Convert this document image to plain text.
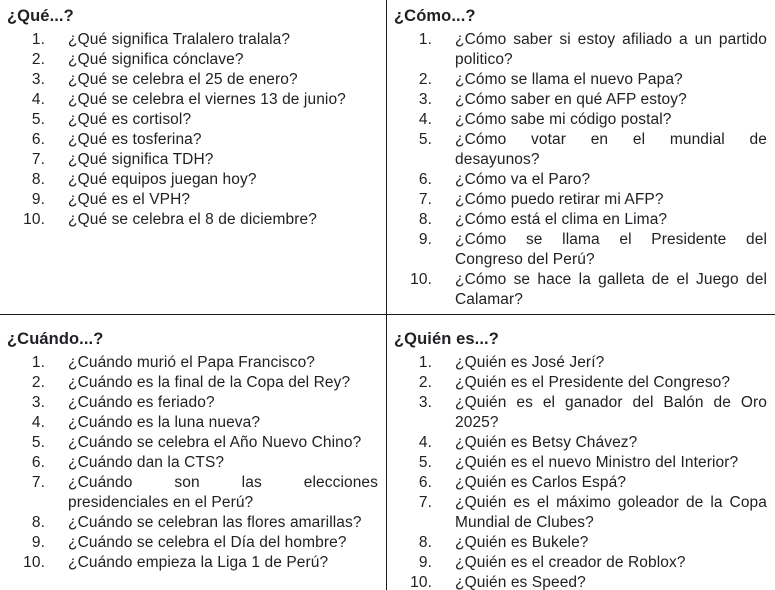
¿Qué...?
1. ¿Qué significa Tralalero tralala?
2. ¿Qué significa cónclave?
3. ¿Qué se celebra el 25 de enero?
4. ¿Qué se celebra el viernes 13 de junio?
5. ¿Qué es cortisol?
6. ¿Qué es tosferina?
7. ¿Qué significa TDH?
8. ¿Qué equipos juegan hoy?
9. ¿Qué es el VPH?
10. ¿Qué se celebra el 8 de diciembre?
¿Cómo...?
1. ¿Cómo saber si estoy afiliado a un partido
politico?
2. ¿Cómo se llama el nuevo Papa?
3. ¿Cómo saber en qué AFP estoy?
4. ¿Cómo sabe mi código postal?
5. ¿Cómo votar en el mundial de
desayunos?
6. ¿Cómo va el Paro?
7. ¿Cómo puedo retirar mi AFP?
8. ¿Cómo está el clima en Lima?
9. ¿Cómo se llama el Presidente del
Congreso del Perú?
10. ¿Cómo se hace la galleta de el Juego del
Calamar?
¿Cuándo...?
1. ¿Cuándo murió el Papa Francisco?
2. ¿Cuándo es la final de la Copa del Rey?
3. ¿Cuándo es feriado?
4. ¿Cuándo es la luna nueva?
5. ¿Cuándo se celebra el Año Nuevo Chino?
6. ¿Cuándo dan la CTS?
7. ¿Cuándo son las elecciones
presidenciales en el Perú?
8. ¿Cuándo se celebran las flores amarillas?
9. ¿Cuándo se celebra el Día del hombre?
10. ¿Cuándo empieza la Liga 1 de Perú?
¿Quién es...?
1. ¿Quién es José Jerí?
2. ¿Quién es el Presidente del Congreso?
3. ¿Quién es el ganador del Balón de Oro
2025?
4. ¿Quién es Betsy Chávez?
5. ¿Quién es el nuevo Ministro del Interior?
6. ¿Quién es Carlos Espá?
7. ¿Quién es el máximo goleador de la Copa
Mundial de Clubes?
8. ¿Quién es Bukele?
9. ¿Quién es el creador de Roblox?
10. ¿Quién es Speed?
